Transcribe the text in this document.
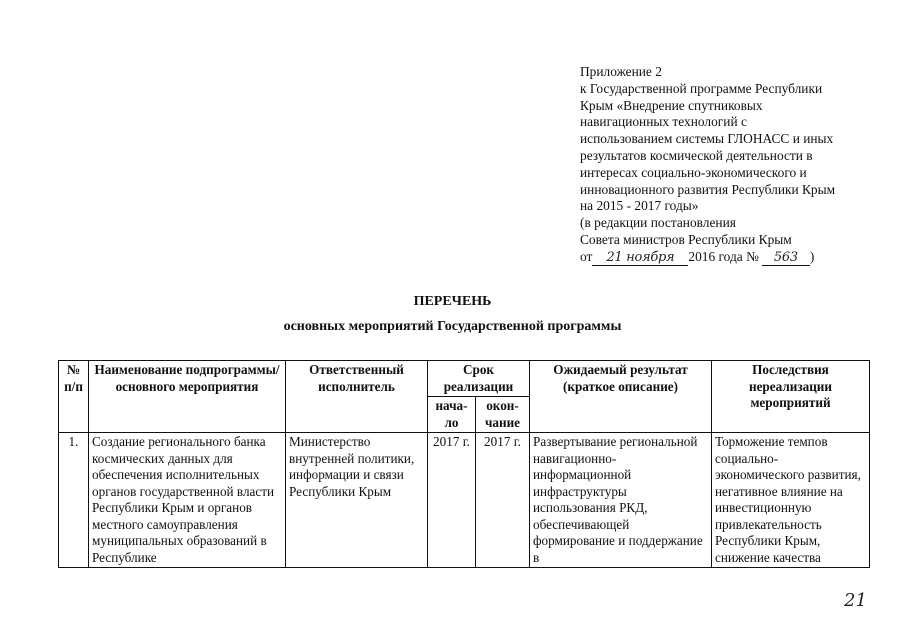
Приложение 2
к Государственной программе Республики
Крым «Внедрение спутниковых
навигационных технологий с
использованием системы ГЛОНАСС и иных
результатов космической деятельности в
интересах социально-экономического и
инновационного развития Республики Крым
на 2015 - 2017 годы»
(в редакции постановления
Совета министров Республики Крым
от 21 ноября 2016 года № 563 )
ПЕРЕЧЕНЬ
основных мероприятий Государственной программы
№ п/п	Наименование подпрограммы/ основного мероприятия	Ответственный исполнитель	Срок реализации		Ожидаемый результат (краткое описание)	Последствия нереализации мероприятий
			нача-ло	окон-чание		
1.	Создание регионального банка космических данных для обеспечения исполнительных органов государственной власти Республики Крым и органов местного самоуправления муниципальных образований в Республике	Министерство внутренней политики, информации и связи Республики Крым	2017 г.	2017 г.	Развертывание региональной навигационно-информационной инфраструктуры использования РКД, обеспечивающей формирование и поддержание в	Торможение темпов социально-экономического развития, негативное влияние на инвестиционную привлекательность Республики Крым, снижение качества
21
